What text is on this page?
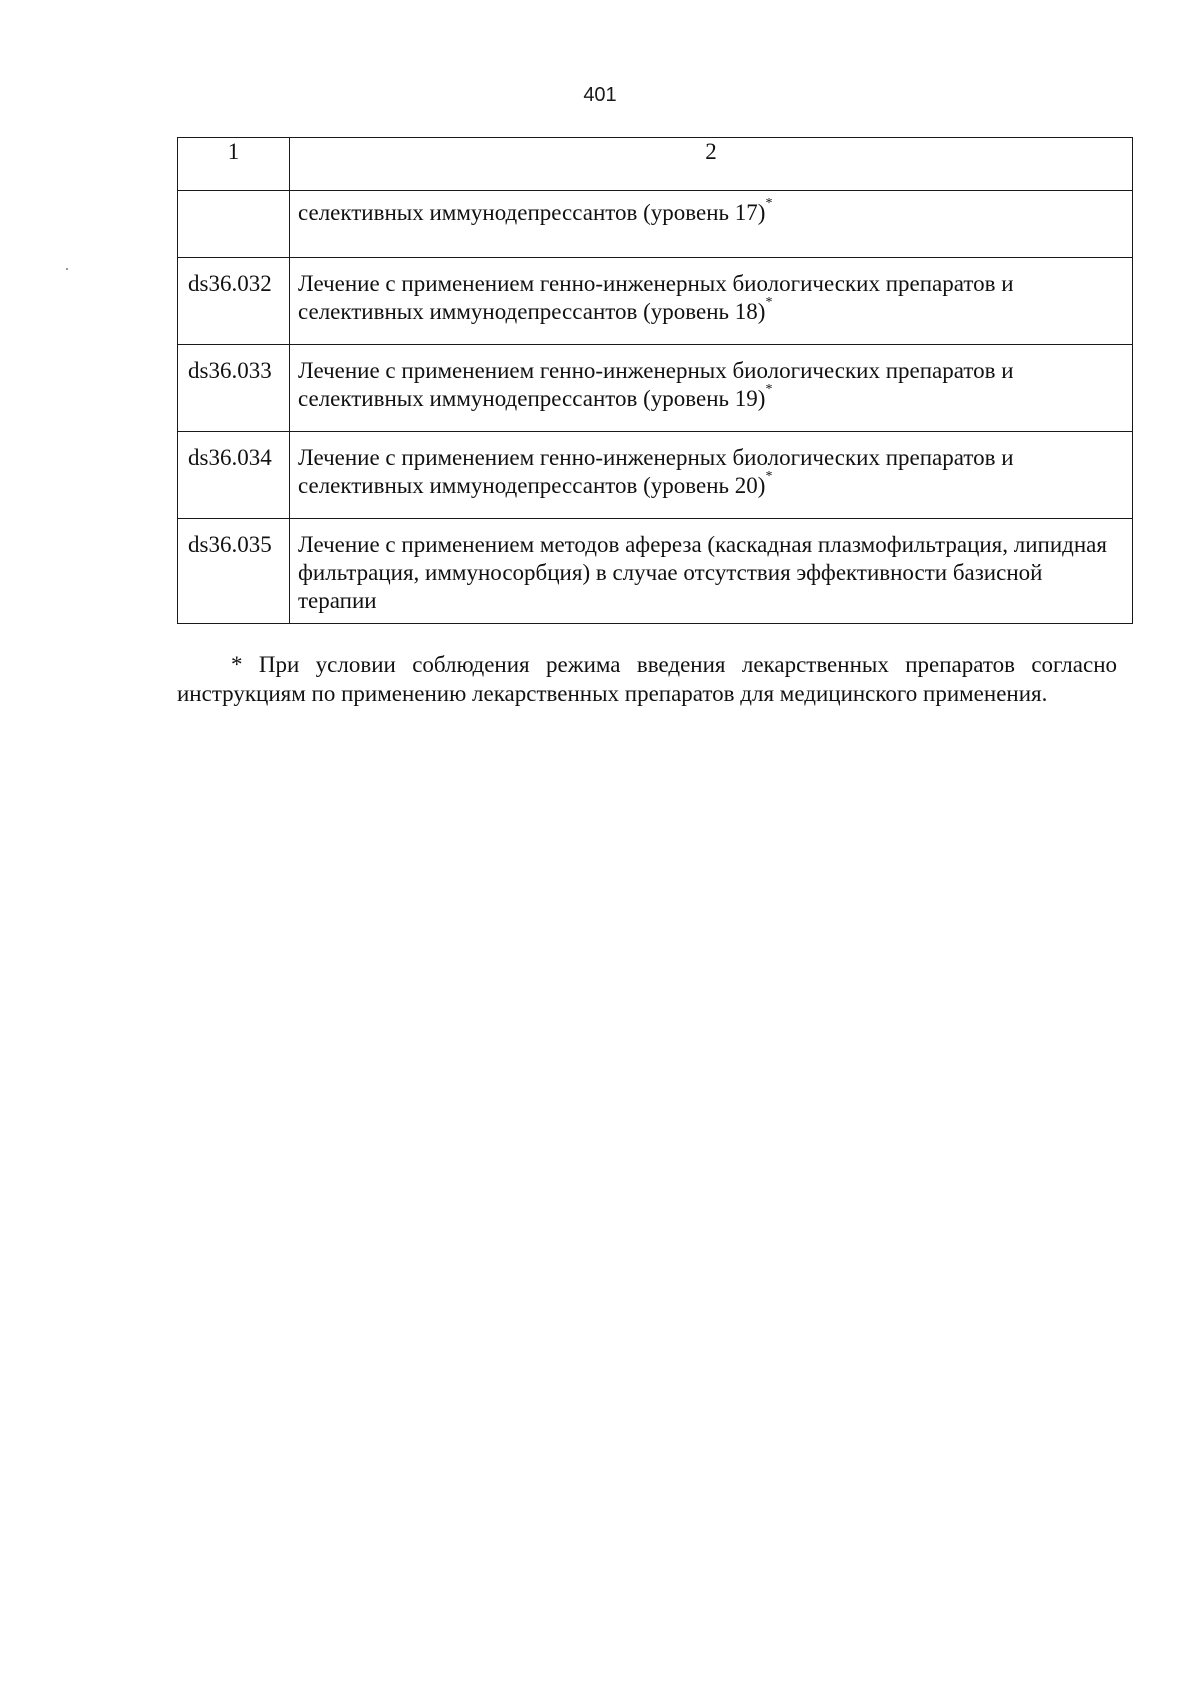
401
1	2
	селективных иммунодепрессантов (уровень 17)*
ds36.032	Лечение с применением генно-инженерных биологических препаратов и селективных иммунодепрессантов (уровень 18)*
ds36.033	Лечение с применением генно-инженерных биологических препаратов и селективных иммунодепрессантов (уровень 19)*
ds36.034	Лечение с применением генно-инженерных биологических препаратов и селективных иммунодепрессантов (уровень 20)*
ds36.035	Лечение с применением методов афереза (каскадная плазмофильтрация, липидная фильтрация, иммуносорбция) в случае отсутствия эффективности базисной терапии

* При условии соблюдения режима введения лекарственных препаратов согласно инструкциям по применению лекарственных препаратов для медицинского применения.
